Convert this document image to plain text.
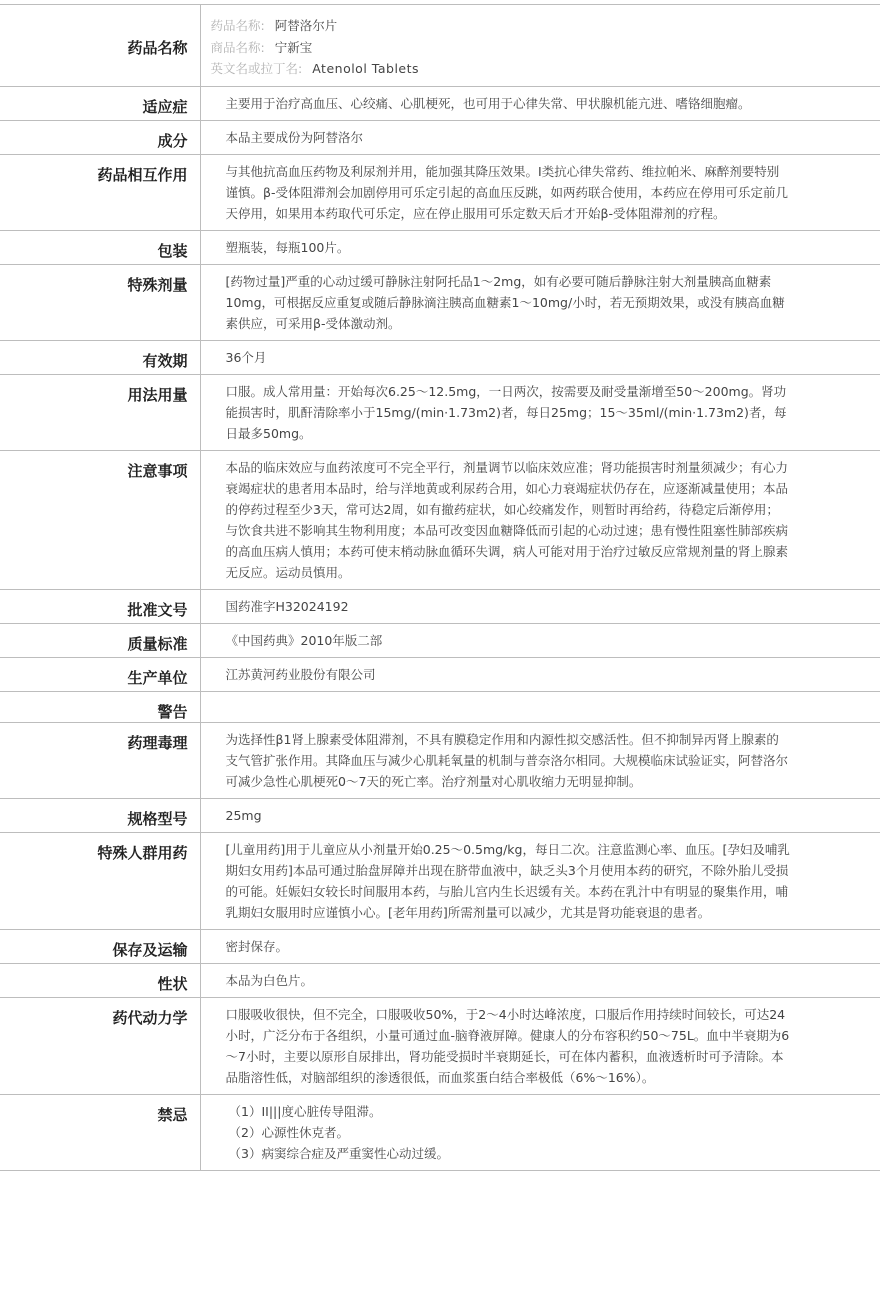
药品名称	药品名称: 阿替洛尔片
商品名称: 宁新宝
英文名或拉丁名: Atenolol Tablets

适应症	主要用于治疗高血压、心绞痛、心肌梗死，也可用于心律失常、甲状腺机能亢进、嗜铬细胞瘤。
成分	本品主要成份为阿替洛尔
药品相互作用	与其他抗高血压药物及利尿剂并用，能加强其降压效果。I类抗心律失常药、维拉帕米、麻醉剂要特别谨慎。β-受体阻滞剂会加剧停用可乐定引起的高血压反跳，如两药联合使用，本药应在停用可乐定前几天停用，如果用本药取代可乐定，应在停止服用可乐定数天后才开始β-受体阻滞剂的疗程。
包装	塑瓶装，每瓶100片。
特殊剂量	[药物过量]严重的心动过缓可静脉注射阿托品1～2mg，如有必要可随后静脉注射大剂量胰高血糖素10mg，可根据反应重复或随后静脉滴注胰高血糖素1～10mg/小时，若无预期效果，或没有胰高血糖素供应，可采用β-受体激动剂。
有效期	36个月
用法用量	口服。成人常用量：开始每次6.25～12.5mg，一日两次，按需要及耐受量渐增至50～200mg。肾功能损害时，肌酐清除率小于15mg/(min·1.73m2)者，每日25mg；15～35ml/(min·1.73m2)者，每日最多50mg。
注意事项	本品的临床效应与血药浓度可不完全平行，剂量调节以临床效应准；肾功能损害时剂量须减少；有心力衰竭症状的患者用本品时，给与洋地黄或利尿药合用，如心力衰竭症状仍存在，应逐渐减量使用；本品的停药过程至少3天，常可达2周，如有撤药症状，如心绞痛发作，则暂时再给药，待稳定后渐停用；与饮食共进不影响其生物利用度；本品可改变因血糖降低而引起的心动过速；患有慢性阻塞性肺部疾病的高血压病人慎用；本药可使末梢动脉血循环失调，病人可能对用于治疗过敏反应常规剂量的肾上腺素无反应。运动员慎用。
批准文号	国药准字H32024192
质量标准	《中国药典》2010年版二部
生产单位	江苏黄河药业股份有限公司
警告	
药理毒理	为选择性β1肾上腺素受体阻滞剂，不具有膜稳定作用和内源性拟交感活性。但不抑制异丙肾上腺素的支气管扩张作用。其降血压与减少心肌耗氧量的机制与普奈洛尔相同。大规模临床试验证实，阿替洛尔可减少急性心肌梗死0～7天的死亡率。治疗剂量对心肌收缩力无明显抑制。
规格型号	25mg
特殊人群用药	[儿童用药]用于儿童应从小剂量开始0.25～0.5mg/kg，每日二次。注意监测心率、血压。[孕妇及哺乳期妇女用药]本品可通过胎盘屏障并出现在脐带血液中，缺乏头3个月使用本药的研究，不除外胎儿受损的可能。妊娠妇女较长时间服用本药，与胎儿宫内生长迟缓有关。本药在乳汁中有明显的聚集作用，哺乳期妇女服用时应谨慎小心。[老年用药]所需剂量可以减少，尤其是肾功能衰退的患者。
保存及运输	密封保存。
性状	本品为白色片。
药代动力学	口服吸收很快，但不完全，口服吸收50%，于2～4小时达峰浓度，口服后作用持续时间较长，可达24小时，广泛分布于各组织，小量可通过血-脑脊液屏障。健康人的分布容积约50～75L。血中半衰期为6～7小时，主要以原形自尿排出，肾功能受损时半衰期延长，可在体内蓄积，血液透析时可予清除。本品脂溶性低，对脑部组织的渗透很低，而血浆蛋白结合率极低（6%～16%）。
禁忌	（1）II|||度心脏传导阻滞。
（2）心源性休克者。
（3）病窦综合症及严重窦性心动过缓。
